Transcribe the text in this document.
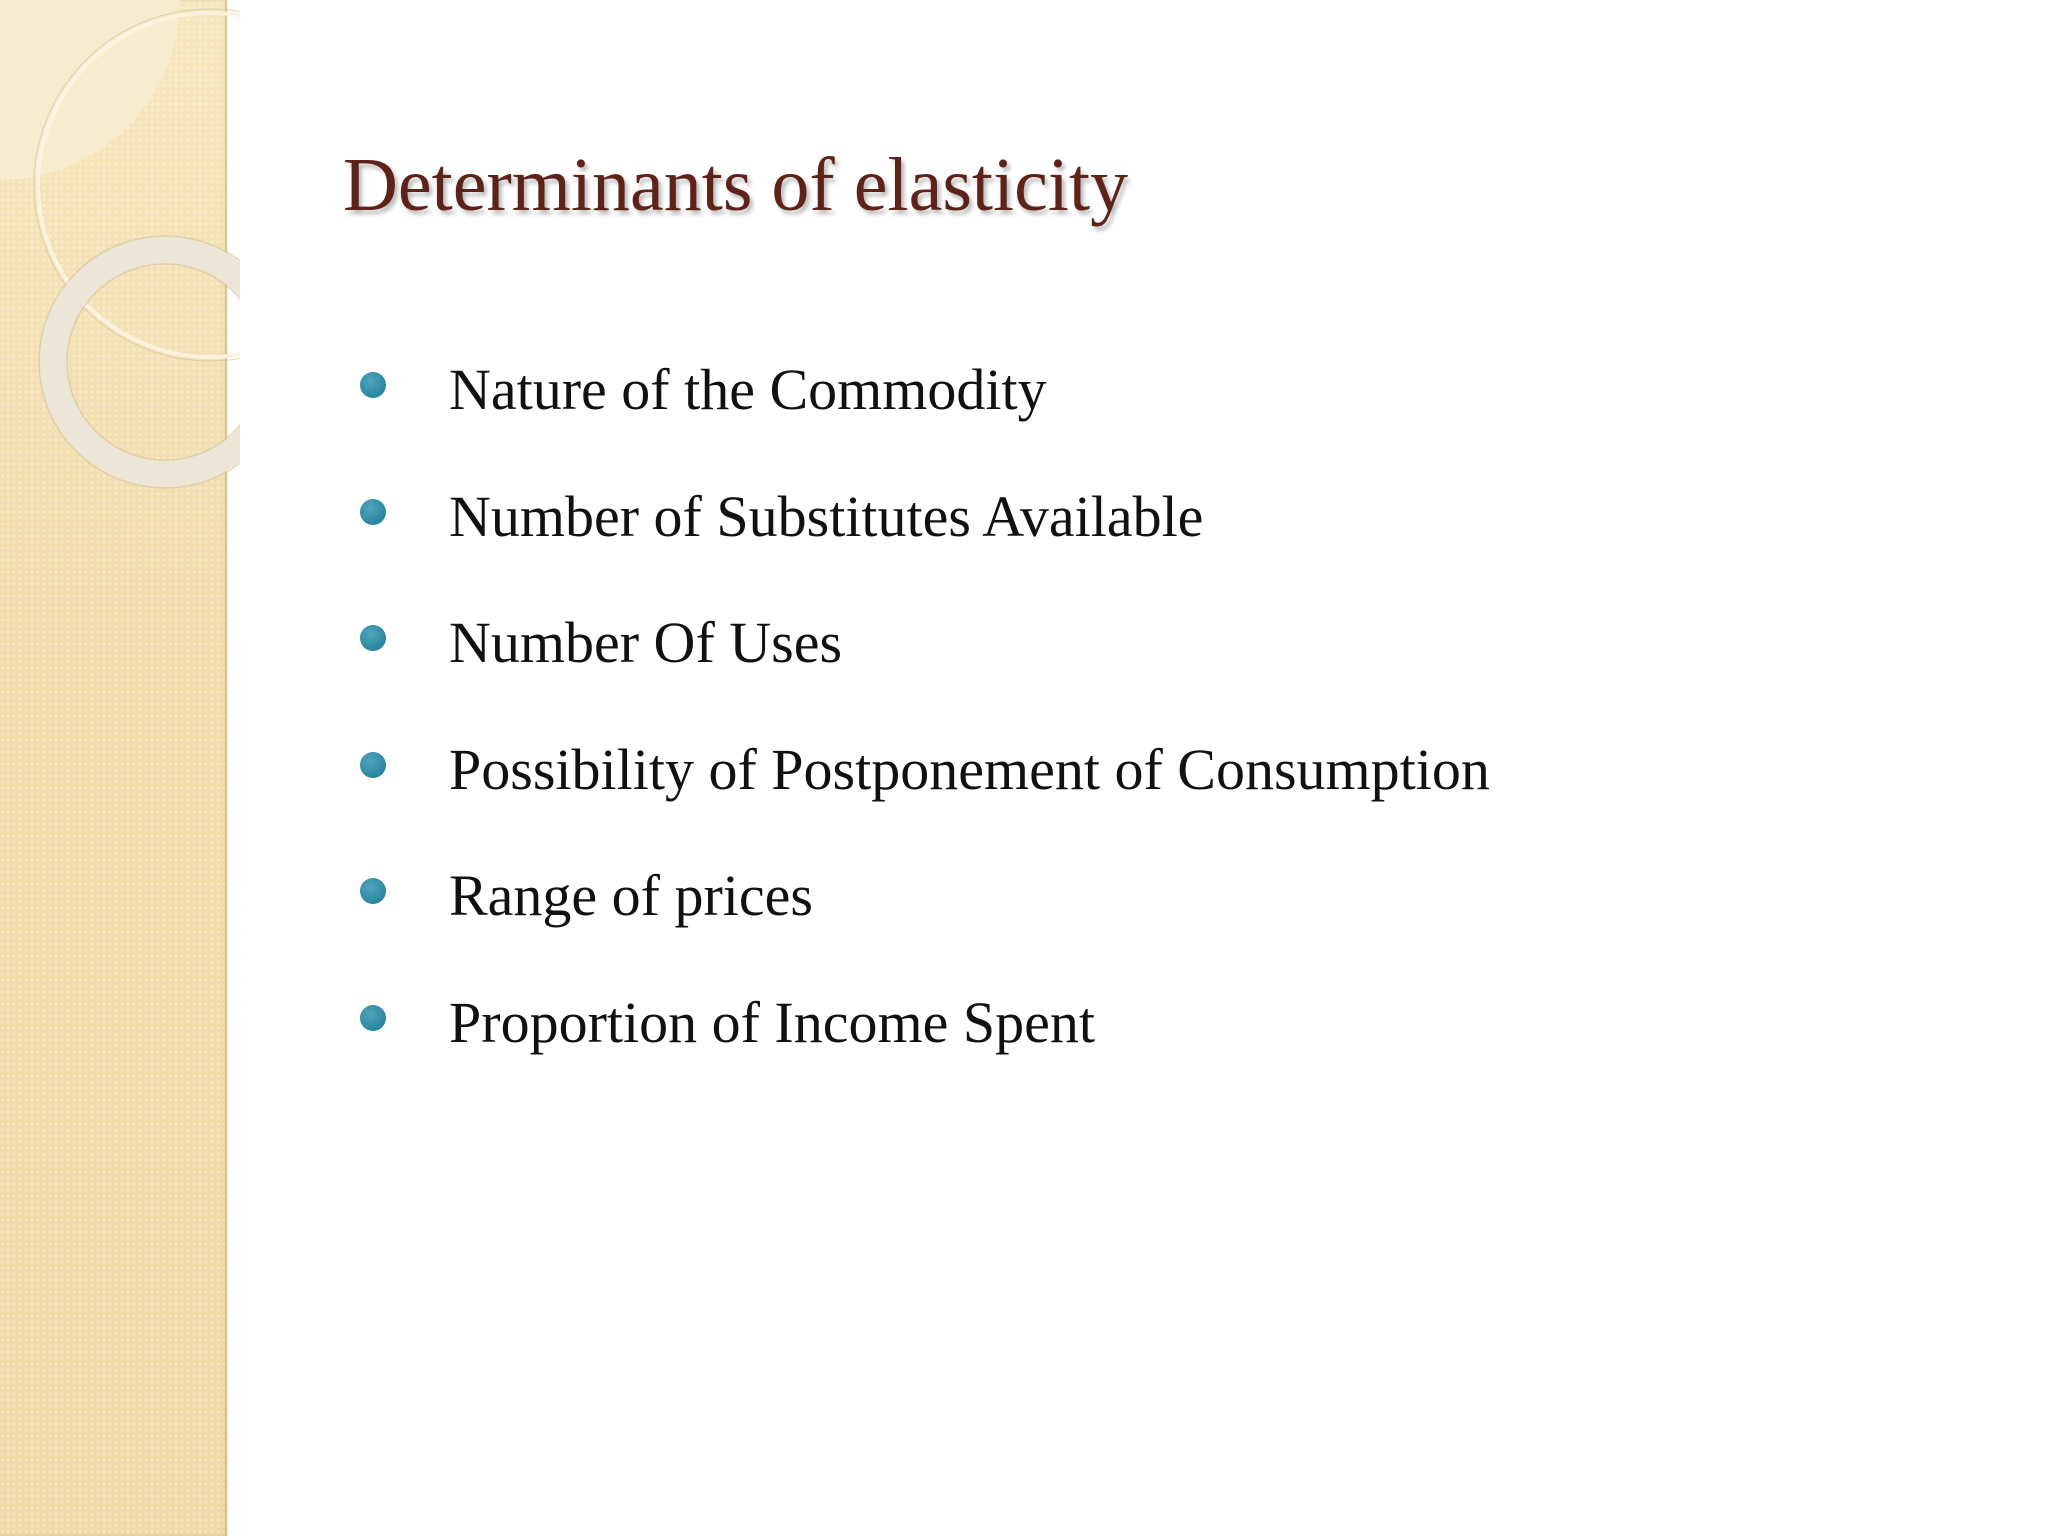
Determinants of elasticity
Nature of the Commodity
Number of Substitutes Available
Number Of Uses
Possibility of Postponement of Consumption
Range of prices
Proportion of Income Spent
